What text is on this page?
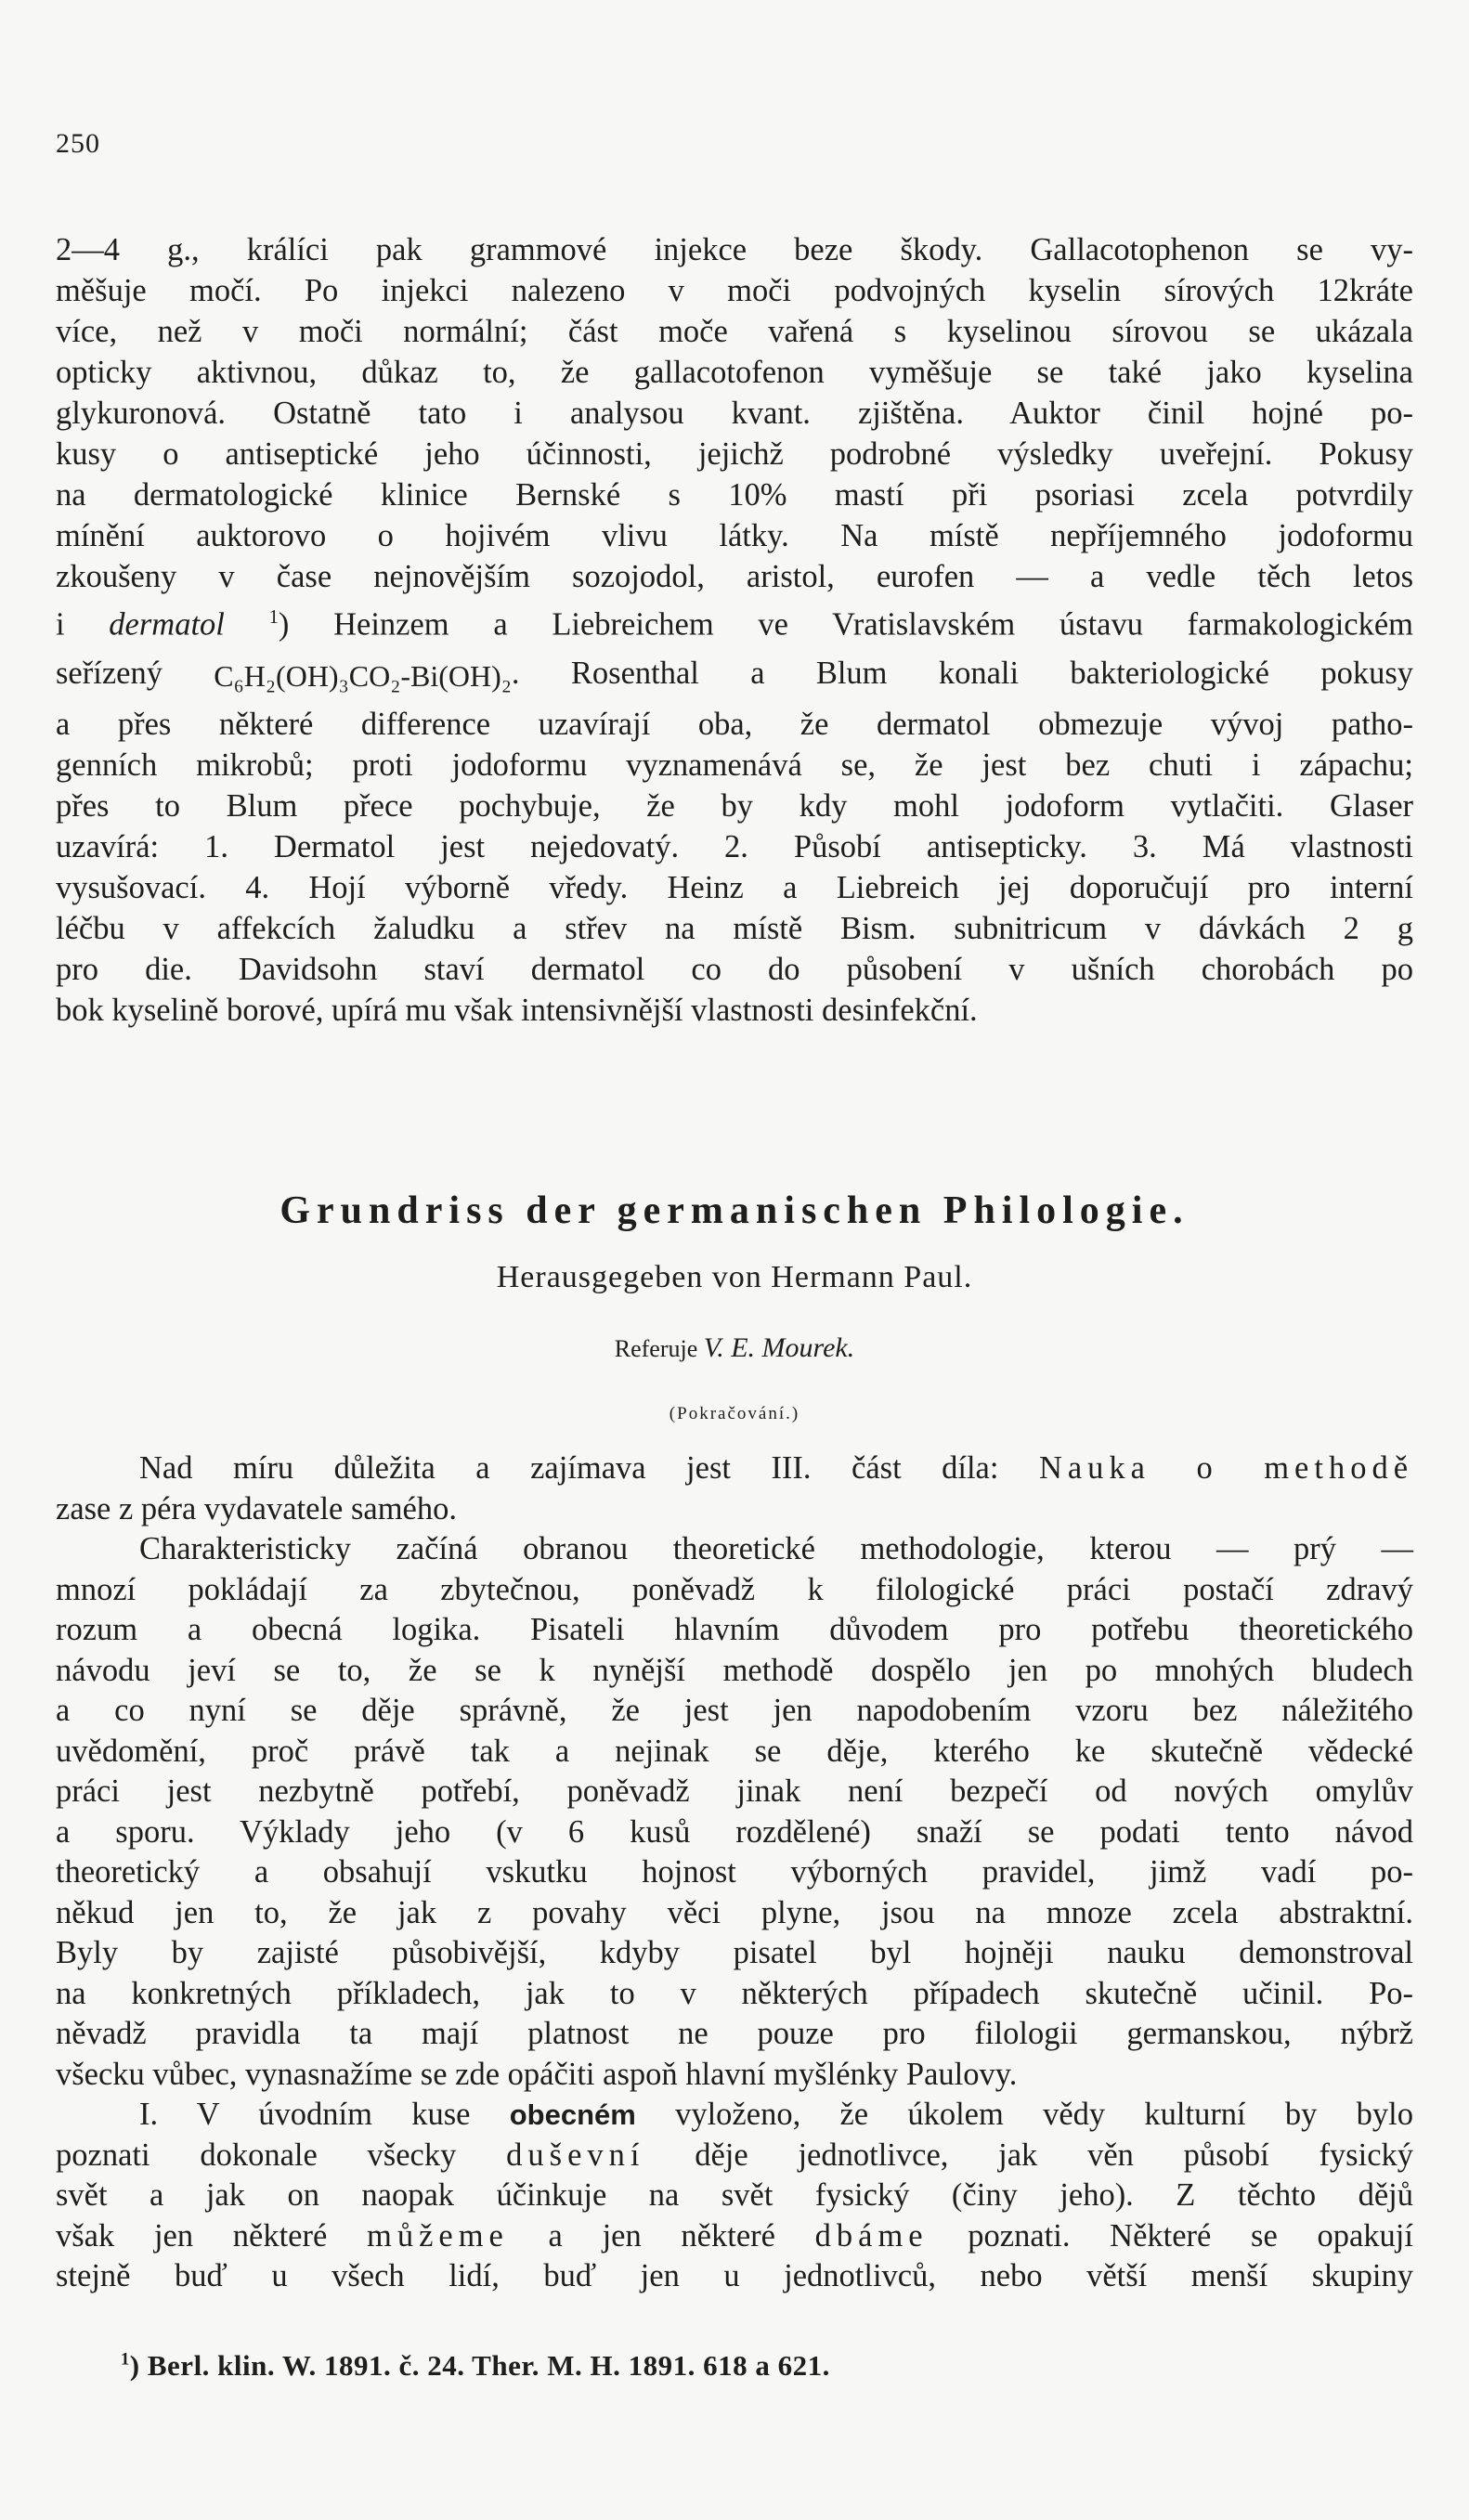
250

2—4 g., králíci pak grammové injekce beze škody. Gallacotophenon se vy-

měšuje močí. Po injekci nalezeno v moči podvojných kyselin sírových 12kráte

více, než v moči normální; část moče vařená s kyselinou sírovou se ukázala

opticky aktivnou, důkaz to, že gallacotofenon vyměšuje se také jako kyselina

glykuronová. Ostatně tato i analysou kvant. zjištěna. Auktor činil hojné po-

kusy o antiseptické jeho účinnosti, jejichž podrobné výsledky uveřejní. Pokusy

na dermatologické klinice Bernské s 10% mastí při psoriasi zcela potvrdily

mínění auktorovo o hojivém vlivu látky. Na místě nepříjemného jodoformu

zkoušeny v čase nejnovějším sozojodol, aristol, eurofen — a vedle těch letos

i dermatol $^1$) Heinzem a Liebreichem ve Vratislavském ústavu farmakologickém

seřízený C₆H₂(OH)₃CO₂-Bi(OH)₂. Rosenthal a Blum konali bakteriologické pokusy

a přes některé differencе uzavírají oba, že dermatol obmezuje vývoj patho-

genních mikrobů; proti jodoformu vyznamenává se, že jest bez chuti i zápachu;

přes to Blum přece pochybuje, že by kdy mohl jodoform vytlačiti. Glaser

uzavírá: 1. Dermatol jest nejedovatý. 2. Působí antisepticky. 3. Má vlastnosti

vysušovací. 4. Hojí výborně vředy. Heinz a Liebreich jej doporučují pro interní

léčbu v affekcích žaludku a střev na místě Bism. subnitricum v dávkách 2 g

pro die. Davidsohn staví dermatol co do působení v ušních chorobách po

bok kyselině borové, upírá mu však intensivnější vlastnosti desinfekční.

Grundriss der germanischen Philologie.
Herausgegeben von Hermann Paul.
Referuje V. E. Mourek.
(Pokračování.)

Nad míru důležita a zajímava jest III. část díla: Nauka o methodě

zase z péra vydavatele samého.

Charakteristicky začíná obranou theoretické methodologie, kterou — prý —

mnozí pokládají za zbytečnou, poněvadž k filologické práci postačí zdravý

rozum a obecná logika. Pisateli hlavním důvodem pro potřebu theoretického

návodu jeví se to, že se k nynější methodě dospělo jen po mnohých bludech

a co nyní se děje správně, že jest jen napodobením vzoru bez náležitého

uvědomění, proč právě tak a nejinak se děje, kterého ke skutečně vědecké

práci jest nezbytně potřebí, poněvadž jinak není bezpečí od nových omylův

a sporu. Výklady jeho (v 6 kusů rozdělené) snaží se podati tento návod

theoretický a obsahují vskutku hojnost výborných pravidel, jimž vadí po-

někud jen to, že jak z povahy věci plyne, jsou na mnoze zcela abstraktní.

Byly by zajisté působivější, kdyby pisatel byl hojněji nauku demonstroval

na konkretných příkladech, jak to v některých případech skutečně učinil. Po-

něvadž pravidla ta mají platnost ne pouze pro filologii germanskou, nýbrž

všecku vůbec, vynasnažíme se zde opáčiti aspoň hlavní myšlénky Paulovy.

I. V úvodním kuse obecném vyloženo, že úkolem vědy kulturní by bylo

poznati dokonale všecky duševní děje jednotlivce, jak věn působí fysický

svět a jak on naopak účinkuje na svět fysický (činy jeho). Z těchto dějů

však jen některé můžeme a jen některé dbáme poznati. Některé se opakují

stejně buď u všech lidí, buď jen u jednotlivců, nebo větší menší skupiny

$^1$) Berl. klin. W. 1891. č. 24. Ther. M. H. 1891. 618 a 621.
